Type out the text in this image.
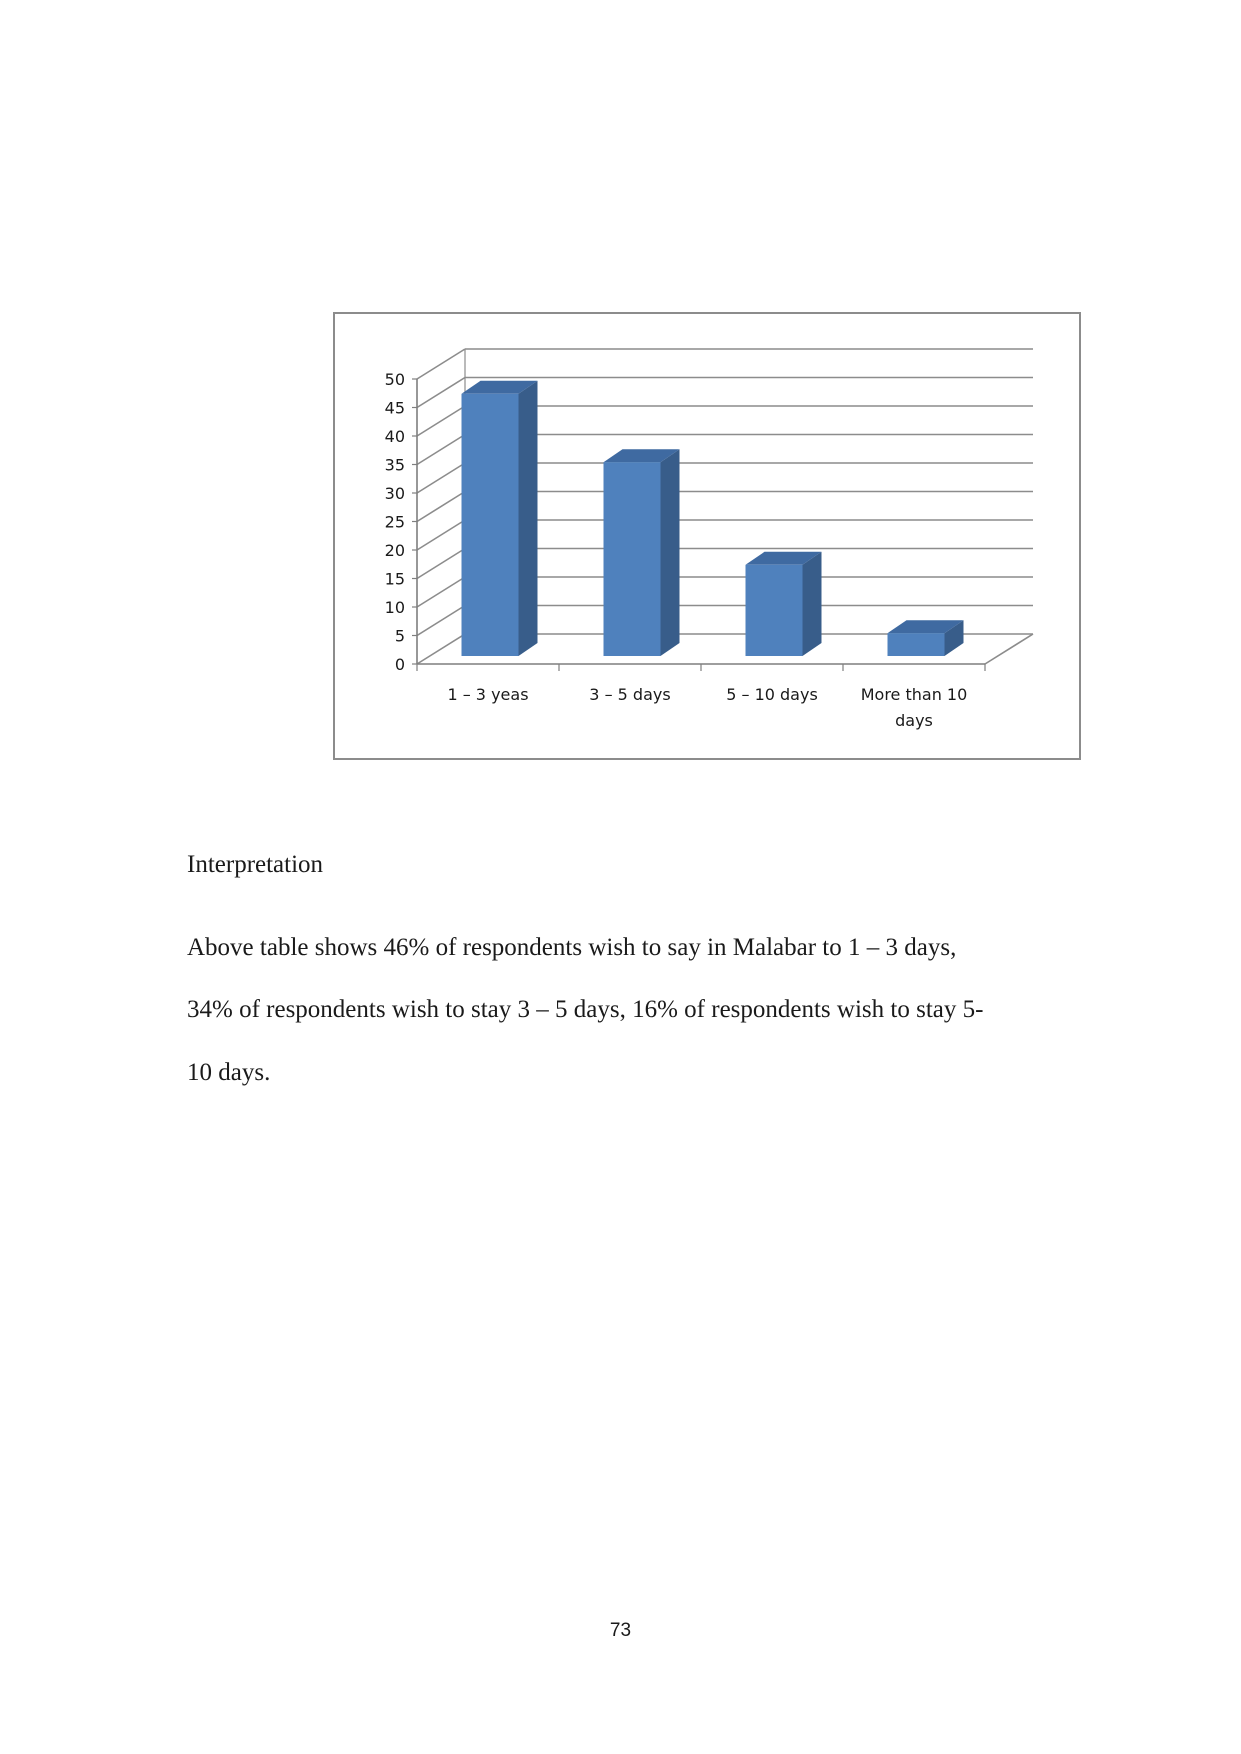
0
5
10
15
20
25
30
35
40
45
50
1 – 3 yeas	3 – 5 days	5 – 10 days	More than 10
days
Interpretation
Above table shows 46% of respondents wish to say in Malabar to 1 – 3 days,
34% of respondents wish to stay 3 – 5 days, 16% of respondents wish to stay 5-
10 days.
73
